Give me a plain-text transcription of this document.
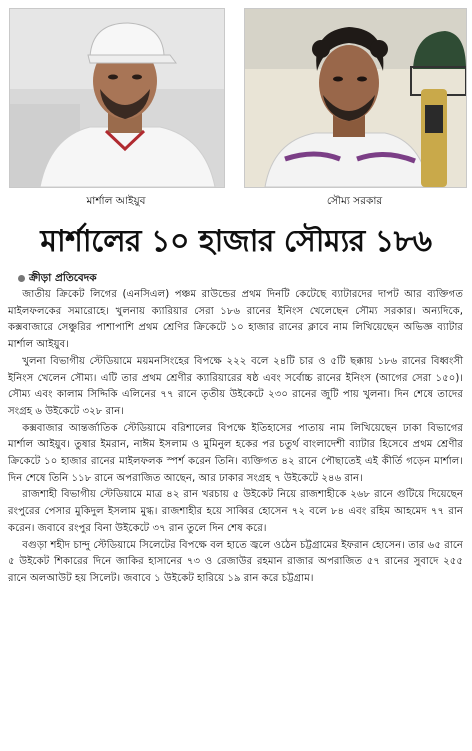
মার্শাল আইয়ুব	সৌম্য সরকার
মার্শালের ১০ হাজার সৌম্যর ১৮৬
ক্রীড়া প্রতিবেদক

জাতীয় ক্রিকেট লিগের (এনসিএল) পঞ্চম রাউন্ডের প্রথম দিনটি কেটেছে ব্যাটারদের দাপট আর ব্যক্তিগত মাইলফলকের সমারোহে। খুলনায় ক্যারিয়ার সেরা ১৮৬ রানের ইনিংস খেলেছেন সৌম্য সরকার। অন্যদিকে, কক্সবাজারে সেঞ্চুরির পাশাপাশি প্রথম শ্রেণির ক্রিকেটে ১০ হাজার রানের ক্লাবে নাম লিখিয়েছেন অভিজ্ঞ ব্যাটার মার্শাল আইয়ুব।

খুলনা বিভাগীয় স্টেডিয়ামে ময়মনসিংহের বিপক্ষে ২২২ বলে ২৪টি চার ও ৫টি ছক্কায় ১৮৬ রানের বিধ্বংসী ইনিংস খেলেন সৌম্য। এটি তার প্রথম শ্রেণীর ক্যারিয়ারের ষষ্ঠ এবং সর্বোচ্চ রানের ইনিংস (আগের সেরা ১৫০)। সৌম্য এবং কালাম সিদ্দিকি এলিনের ৭৭ রানে তৃতীয় উইকেটে ২৩০ রানের জুটি পায় খুলনা। দিন শেষে তাদের সংগ্রহ ৬ উইকেটে ৩২৮ রান।

কক্সবাজার আন্তর্জাতিক স্টেডিয়ামে বরিশালের বিপক্ষে ইতিহাসের পাতায় নাম লিখিয়েছেন ঢাকা বিভাগের মার্শাল আইয়ুব। তুষার ইমরান, নাঈম ইসলাম ও মুমিনুল হকের পর চতুর্থ বাংলাদেশী ব্যাটার হিসেবে প্রথম শ্রেণীর ক্রিকেটে ১০ হাজার রানের মাইলফলক স্পর্শ করেন তিনি। ব্যক্তিগত ৪২ রানে পৌছাতেই এই কীর্তি গড়েন মার্শাল। দিন শেষে তিনি ১১৮ রানে অপরাজিত আছেন, আর ঢাকার সংগ্রহ ৭ উইকেটে ২৪৬ রান।

রাজশাহী বিভাগীয় স্টেডিয়ামে মাত্র ৪২ রান খরচায় ৫ উইকেট নিয়ে রাজশাহীকে ২৬৮ রানে গুটিয়ে দিয়েছেন রংপুরের পেসার মুকিদুল ইসলাম মুগ্ধ। রাজশাহীর হয়ে সাব্বির হোসেন ৭২ বলে ৮৪ এবং রহিম আহমেদ ৭৭ রান করেন। জবাবে রংপুর বিনা উইকেটে ৩৭ রান তুলে দিন শেষ করে।

বগুড়া শহীদ চান্দু স্টেডিয়ামে সিলেটের বিপক্ষে বল হাতে জ্বলে ওঠেন চট্টগ্রামের ইফরান হোসেন। তার ৬৫ রানে ৫ উইকেট শিকারের দিনে জাকির হাসানের ৭৩ ও রেজাউর রহমান রাজার অপরাজিত ৫৭ রানের সুবাদে ২৫৫ রানে অলআউট হয় সিলেট। জবাবে ১ উইকেট হারিয়ে ১৯ রান করে চট্টগ্রাম।
